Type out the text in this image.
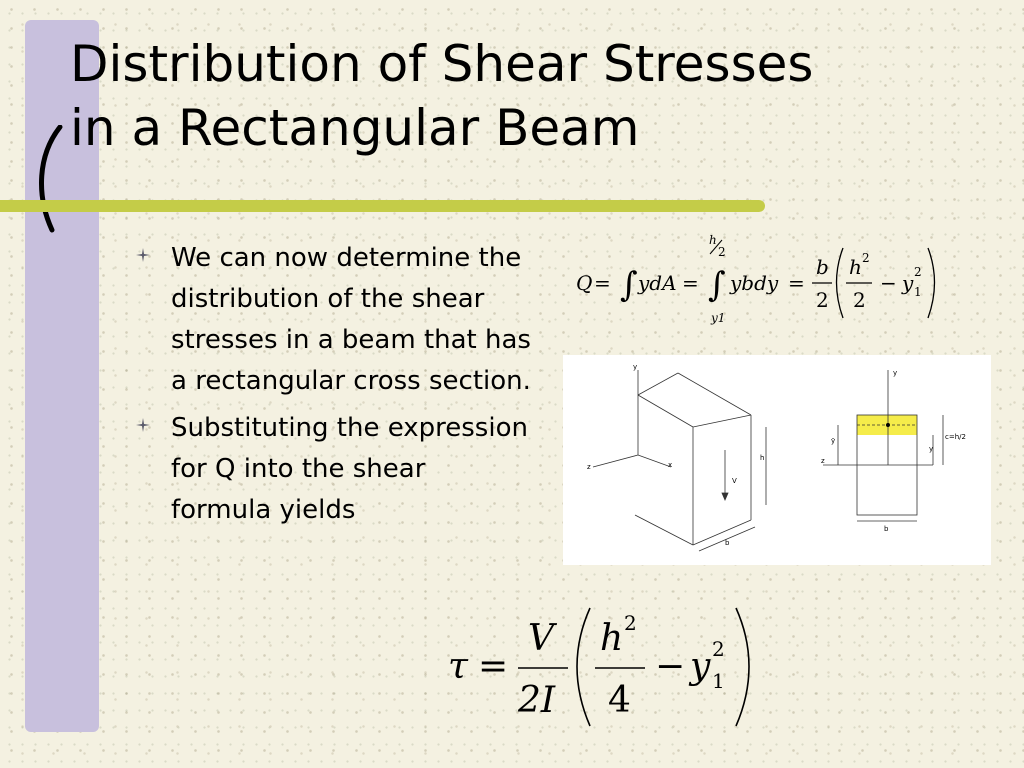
Distribution of Shear Stresses
in a Rectangular Beam
We can now determine the distribution of the shear stresses in a beam that has a rectangular cross section.
Substituting the expression for Q into the shear formula yields
Q = ∫ ydA =
h
2
∫
y1
ybdy =
b
2
h 2
2
− y 2
1
y
z	x
V
h
b
y
z
ȳ
y
c=h/2
b
τ =
V
2I
h 2
4
− y 2
1
